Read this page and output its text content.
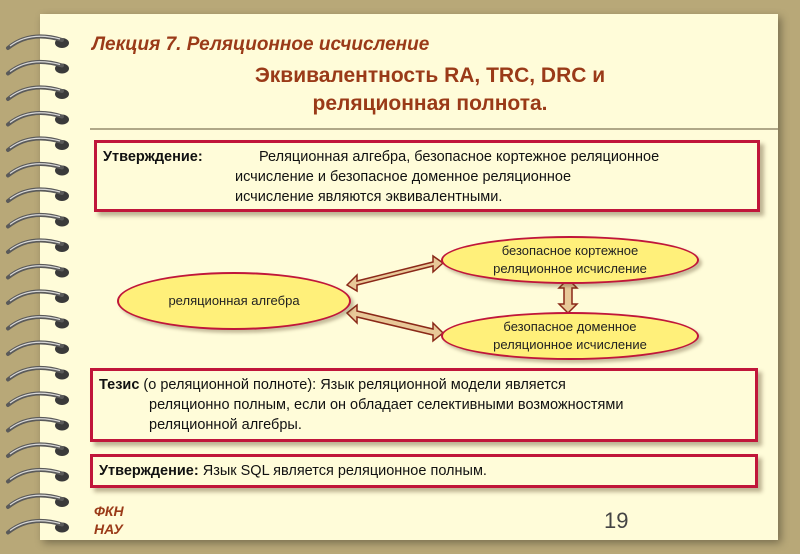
Лекция 7. Реляционное исчисление

Эквивалентность RA, TRC, DRC и
реляционная полнота.
Утверждение:	Реляционная алгебра, безопасное кортежное реляционное
исчисление и безопасное доменное реляционное
исчисление являются эквивалентными.
реляционная алгебра
безопасное кортежное
реляционное исчисление
безопасное доменное
реляционное исчисление
Тезис (о реляционной полноте): Язык реляционной модели является
реляционно полным, если он обладает селективными возможностями
реляционной алгебры.
Утверждение: Язык SQL является реляционное полным.
ФКН
НАУ	19
